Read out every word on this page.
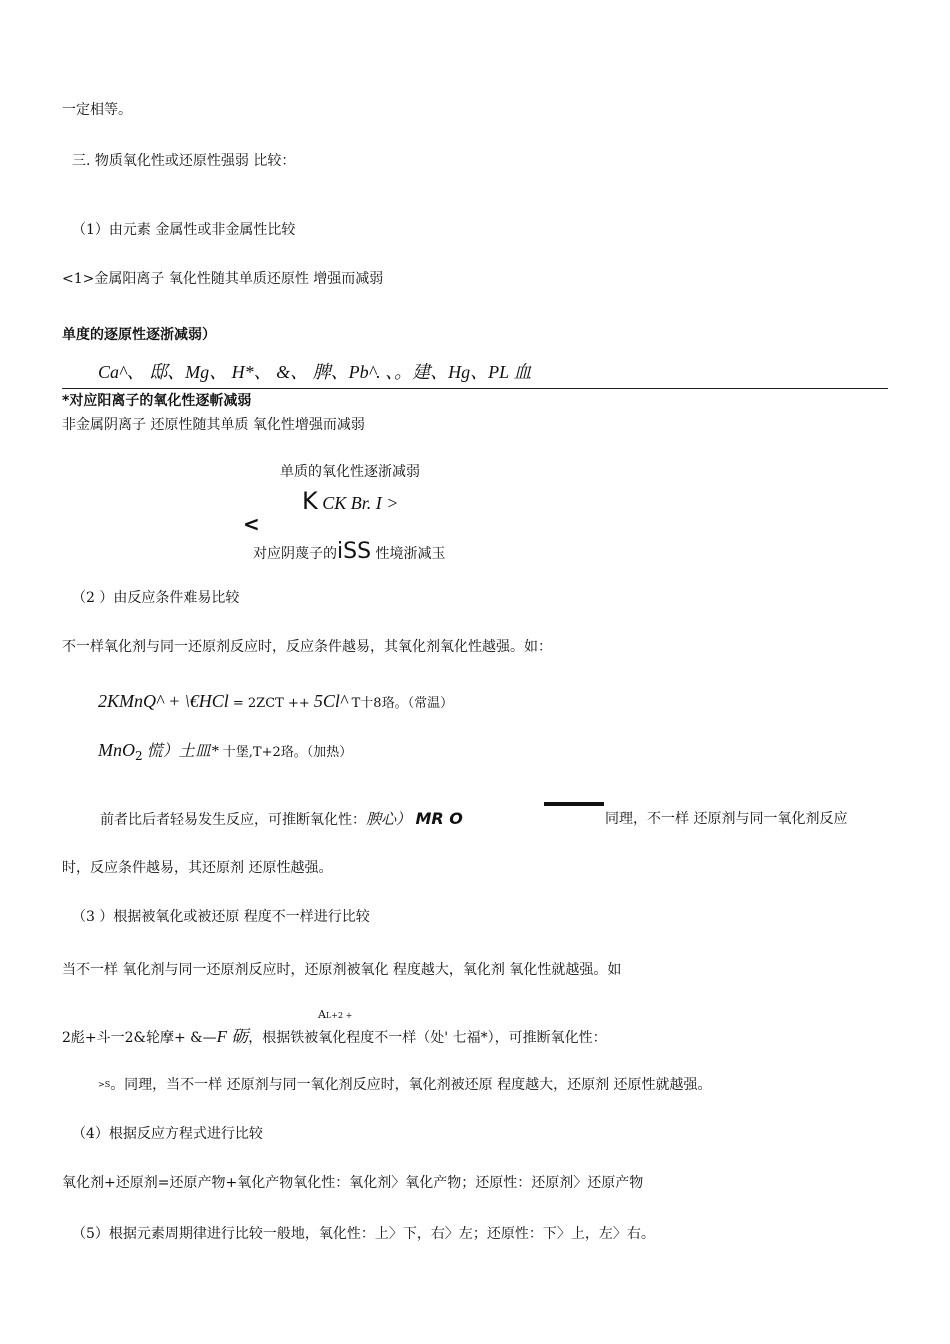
一定相等。
三. 物质氧化性或还原性强弱 比较：
（1）由元素 金属性或非金属性比较
<1>金属阳离子 氧化性随其单质还原性 增强而减弱
单度的逐原性逐浙减弱）
Ca^、 邸、Mg、 H*、 &、 脾、Pb^. 、。建、Hg、PL 血
*对应阳离子的氧化性逐斬减弱
非金属阴离子 还原性随其单质 氧化性增强而减弱
单质的氧化性逐浙减弱
K CK Br. I >
<
对应阴蔑子的iSS 性境浙减玉
（2 ）由反应条件难易比较
不一样氧化剂与同一还原剂反应时，反应条件越易，其氧化剂氧化性越强。如：
2KMnQ^ + \€HCl = 2ZCT ++ 5Cl^ T十8珞。（常温）
MnO$_2$ 慌）土皿* 十堡,T+2珞。（加热）
前者比后者轻易发生反应，可推断氧化性：腴心） MR O	同理，不一样 还原剂与同一氧化剂反应
时，反应条件越易，其还原剂 还原性越强。
（3 ）根据被氧化或被还原 程度不一样进行比较
当不一样 氧化剂与同一还原剂反应时，还原剂被氧化 程度越大，氧化剂 氧化性就越强。如
AL+2 +
2彪+斗一2&轮摩+ &—F 砺，根据铁被氧化程度不一样（处' 七福*），可推断氧化性：
$^{>S}$。同理，当不一样 还原剂与同一氧化剂反应时，氧化剂被还原 程度越大，还原剂 还原性就越强。
（4）根据反应方程式进行比较
氧化剂+还原剂=还原产物+氧化产物氧化性：氧化剂〉氧化产物；还原性：还原剂〉还原产物
（5）根据元素周期律进行比较一般地，氧化性：上〉下，右〉左；还原性：下〉上，左〉右。
